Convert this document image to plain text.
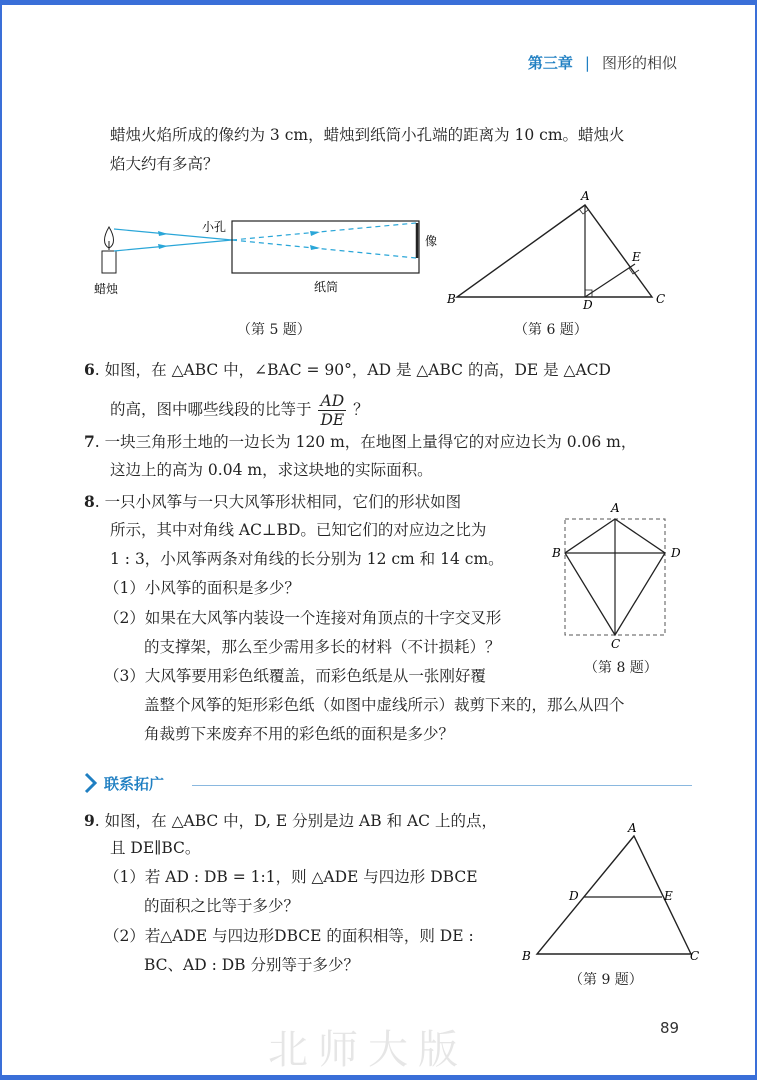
第三章 | 图形的相似
蜡烛火焰所成的像约为 3 cm，蜡烛到纸筒小孔端的距离为 10 cm。蜡烛火
焰大约有多高？
蜡烛
小孔
纸筒
像
（第 5 题）
A
B	C
D
E
（第 6 题）
6. 如图，在 △ABC 中，∠BAC = 90°，AD 是 △ABC 的高，DE 是 △ACD
的高，图中哪些线段的比等于 $\frac{AD}{DE}$ ？
7. 一块三角形土地的一边长为 120 m，在地图上量得它的对应边长为 0.06 m，
这边上的高为 0.04 m，求这块地的实际面积。
8. 一只小风筝与一只大风筝形状相同，它们的形状如图
所示，其中对角线 AC⊥BD。已知它们的对应边之比为
1 : 3，小风筝两条对角线的长分别为 12 cm 和 14 cm。
（1）小风筝的面积是多少？
（2）如果在大风筝内装设一个连接对角顶点的十字交叉形
的支撑架，那么至少需用多长的材料（不计损耗）？
（3）大风筝要用彩色纸覆盖，而彩色纸是从一张刚好覆
盖整个风筝的矩形彩色纸（如图中虚线所示）裁剪下来的，那么从四个
角裁剪下来废弃不用的彩色纸的面积是多少？
A
B
C
D
（第 8 题）
联系拓广
9. 如图，在 △ABC 中，D, E 分别是边 AB 和 AC 上的点，
且 DE∥BC。
（1）若 AD : DB = 1:1，则 △ADE 与四边形 DBCE
的面积之比等于多少？
（2）若△ADE 与四边形DBCE 的面积相等，则 DE :
BC、AD : DB 分别等于多少？
A
B	C
D	E
（第 9 题）
89
北师大版
